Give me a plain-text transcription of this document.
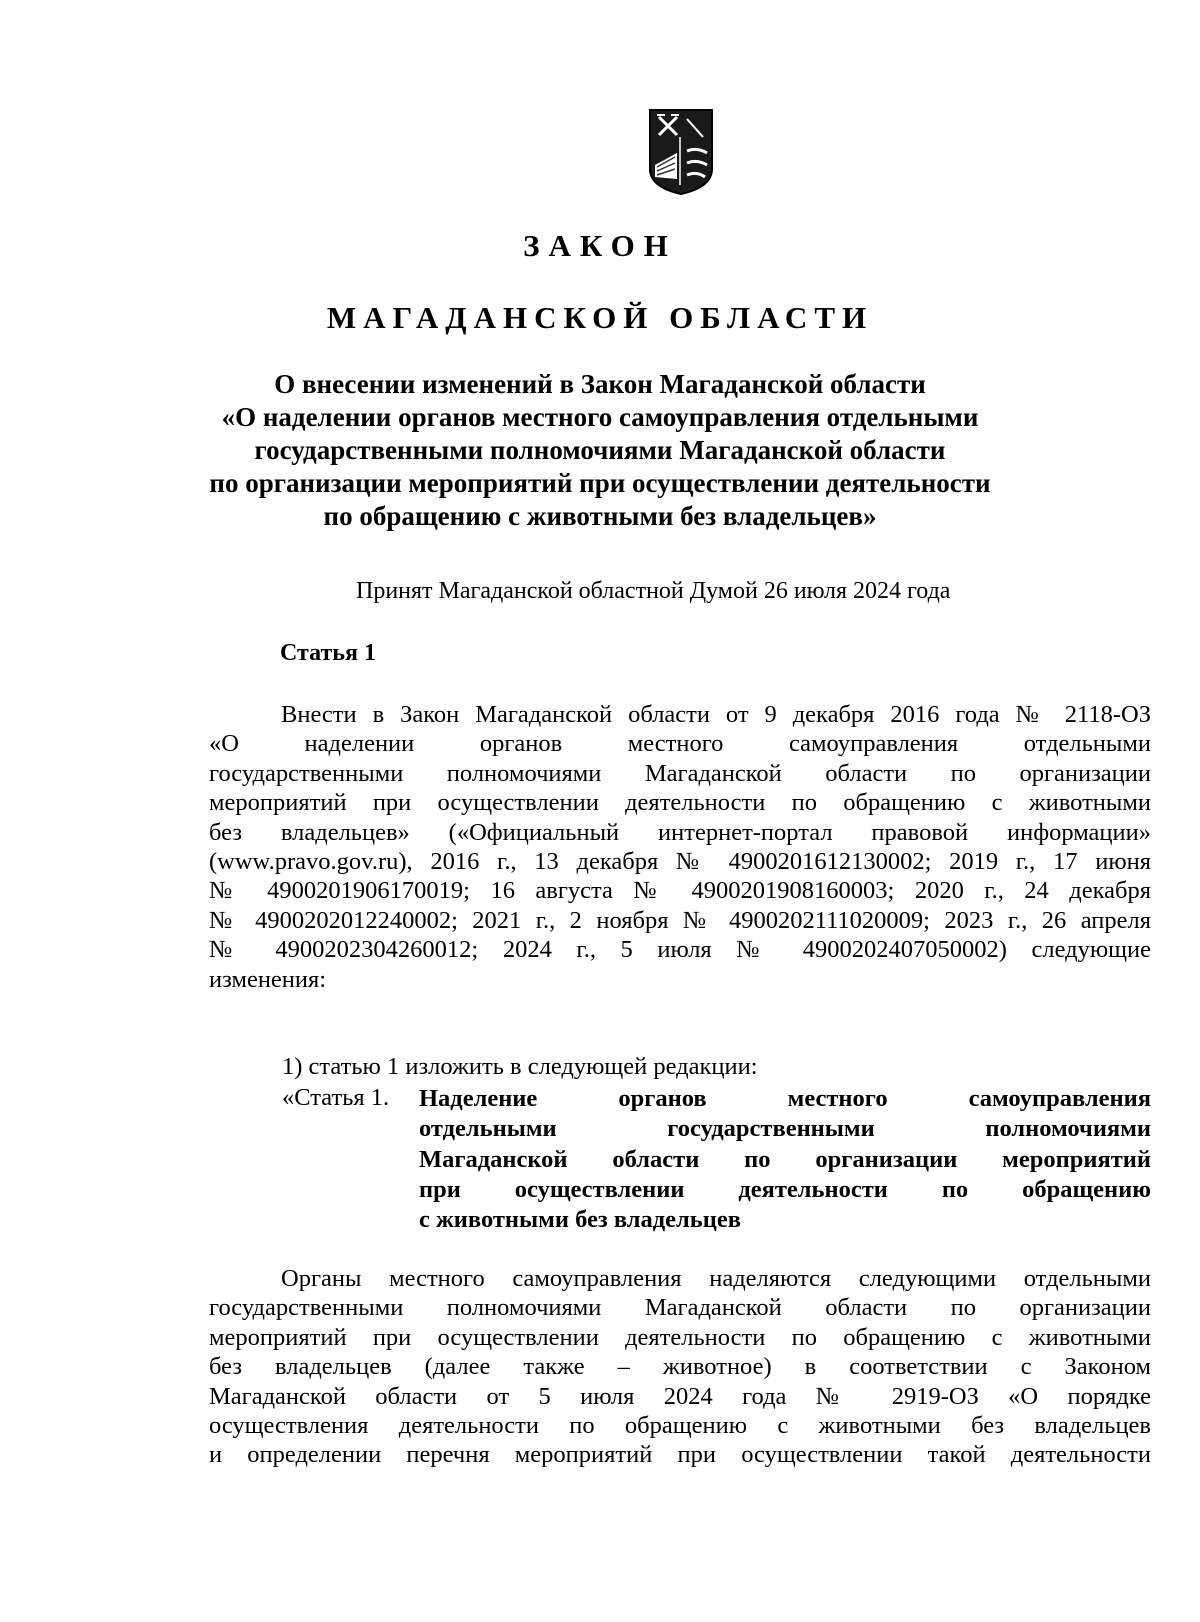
ЗАКОН
МАГАДАНСКОЙ ОБЛАСТИ
О внесении изменений в Закон Магаданской области
«О наделении органов местного самоуправления отдельными
государственными полномочиями Магаданской области
по организации мероприятий при осуществлении деятельности
по обращению с животными без владельцев»
Принят Магаданской областной Думой 26 июля 2024 года
Статья 1
Внести в Закон Магаданской области от 9 декабря 2016 года № 2118-ОЗ
«О наделении органов местного самоуправления отдельными
государственными полномочиями Магаданской области по организации
мероприятий при осуществлении деятельности по обращению с животными
без владельцев» («Официальный интернет-портал правовой информации»
(www.pravo.gov.ru), 2016 г., 13 декабря № 4900201612130002; 2019 г., 17 июня
№ 4900201906170019; 16 августа № 4900201908160003; 2020 г., 24 декабря
№ 4900202012240002; 2021 г., 2 ноября № 4900202111020009; 2023 г., 26 апреля
№ 4900202304260012; 2024 г., 5 июля № 4900202407050002) следующие
изменения:
1) статью 1 изложить в следующей редакции:
«Статья 1. Наделение органов местного самоуправления
отдельными государственными полномочиями
Магаданской области по организации мероприятий
при осуществлении деятельности по обращению
с животными без владельцев
Органы местного самоуправления наделяются следующими отдельными
государственными полномочиями Магаданской области по организации
мероприятий при осуществлении деятельности по обращению с животными
без владельцев (далее также – животное) в соответствии с Законом
Магаданской области от 5 июля 2024 года № 2919-ОЗ «О порядке
осуществления деятельности по обращению с животными без владельцев
и определении перечня мероприятий при осуществлении такой деятельности
